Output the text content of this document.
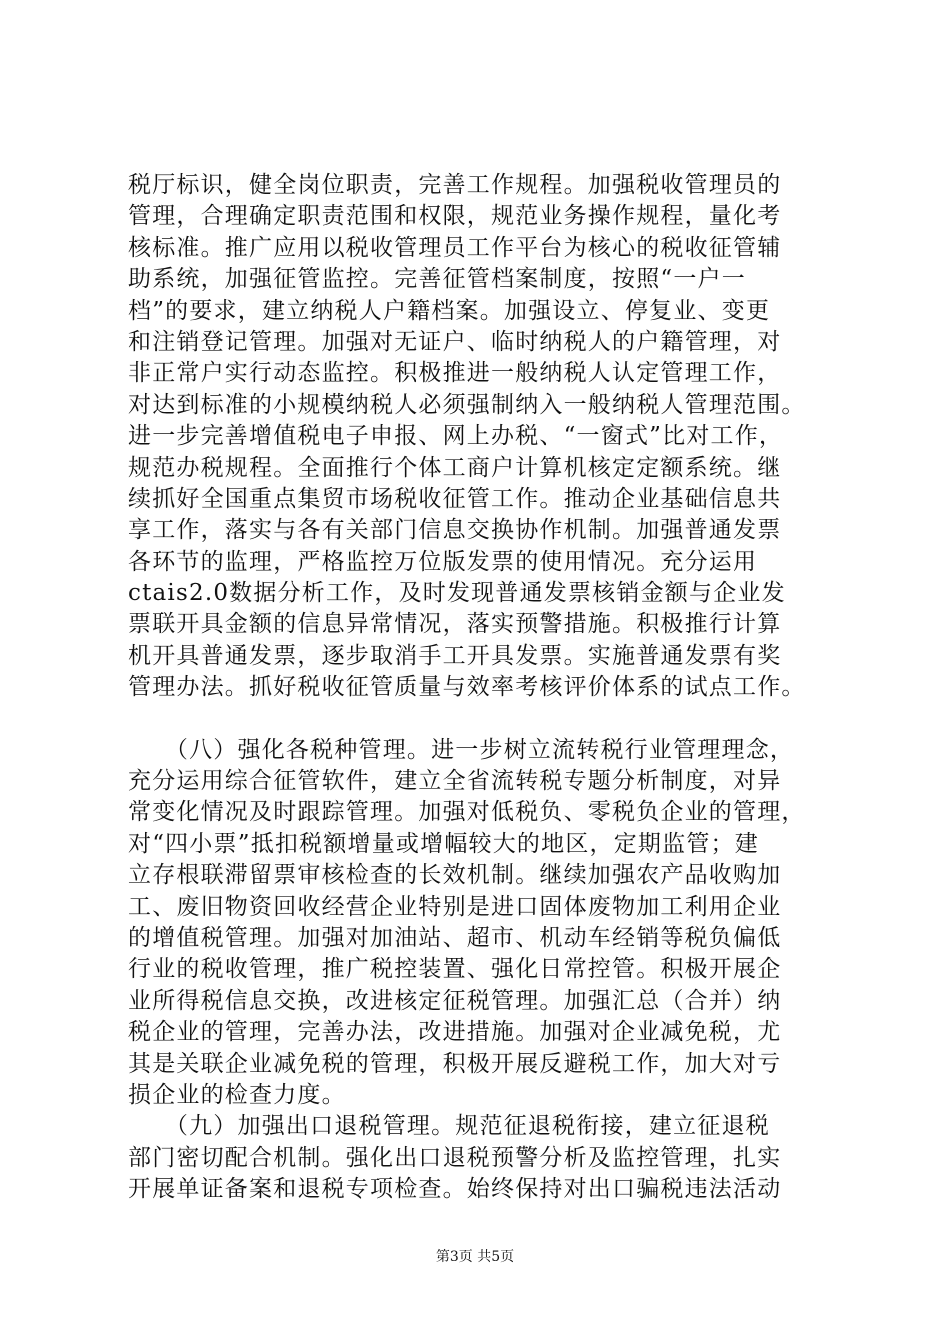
税厅标识，健全岗位职责，完善工作规程。加强税收管理员的
管理，合理确定职责范围和权限，规范业务操作规程，量化考
核标准。推广应用以税收管理员工作平台为核心的税收征管辅
助系统，加强征管监控。完善征管档案制度，按照“一户一
档”的要求，建立纳税人户籍档案。加强设立、停复业、变更
和注销登记管理。加强对无证户、临时纳税人的户籍管理，对
非正常户实行动态监控。积极推进一般纳税人认定管理工作，
对达到标准的小规模纳税人必须强制纳入一般纳税人管理范围。
进一步完善增值税电子申报、网上办税、“一窗式”比对工作，
规范办税规程。全面推行个体工商户计算机核定定额系统。继
续抓好全国重点集贸市场税收征管工作。推动企业基础信息共
享工作，落实与各有关部门信息交换协作机制。加强普通发票
各环节的监理，严格监控万位版发票的使用情况。充分运用
ctais2.0数据分析工作，及时发现普通发票核销金额与企业发
票联开具金额的信息异常情况，落实预警措施。积极推行计算
机开具普通发票，逐步取消手工开具发票。实施普通发票有奖
管理办法。抓好税收征管质量与效率考核评价体系的试点工作。
　　（八）强化各税种管理。进一步树立流转税行业管理理念，
充分运用综合征管软件，建立全省流转税专题分析制度，对异
常变化情况及时跟踪管理。加强对低税负、零税负企业的管理，
对“四小票”抵扣税额增量或增幅较大的地区，定期监管；建
立存根联滞留票审核检查的长效机制。继续加强农产品收购加
工、废旧物资回收经营企业特别是进口固体废物加工利用企业
的增值税管理。加强对加油站、超市、机动车经销等税负偏低
行业的税收管理，推广税控装置、强化日常控管。积极开展企
业所得税信息交换，改进核定征税管理。加强汇总（合并）纳
税企业的管理，完善办法，改进措施。加强对企业减免税，尤
其是关联企业减免税的管理，积极开展反避税工作，加大对亏
损企业的检查力度。
　　（九）加强出口退税管理。规范征退税衔接，建立征退税
部门密切配合机制。强化出口退税预警分析及监控管理，扎实
开展单证备案和退税专项检查。始终保持对出口骗税违法活动
第3页 共5页
